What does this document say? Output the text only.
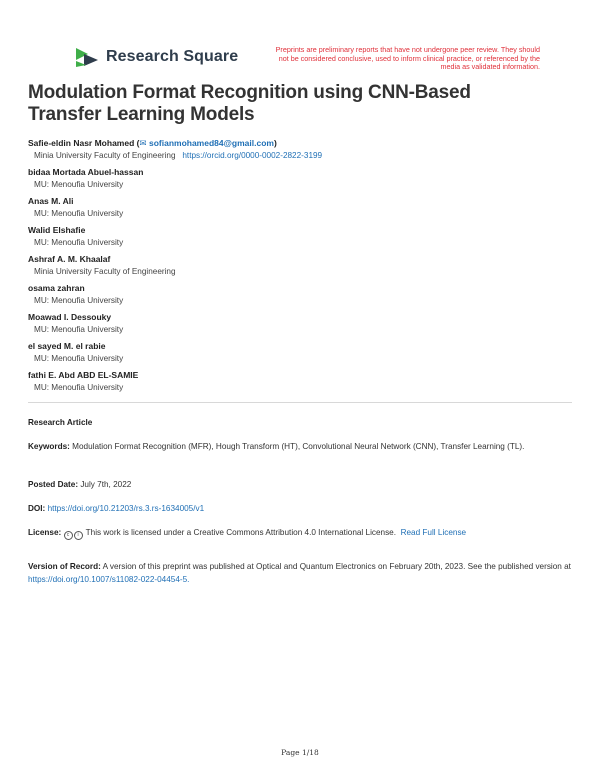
Research Square	Preprints are preliminary reports that have not undergone peer review. They should not be considered conclusive, used to inform clinical practice, or referenced by the media as validated information.
Modulation Format Recognition using CNN-Based Transfer Learning Models
Safie-eldin Nasr Mohamed (✉ sofianmohamed84@gmail.com)
Minia University Faculty of Engineering https://orcid.org/0000-0002-2822-3199
bidaa Mortada Abuel-hassan
MU: Menoufia University
Anas M. Ali
MU: Menoufia University
Walid Elshafie
MU: Menoufia University
Ashraf A. M. Khaalaf
Minia University Faculty of Engineering
osama zahran
MU: Menoufia University
Moawad I. Dessouky
MU: Menoufia University
el sayed M. el rabie
MU: Menoufia University
fathi E. Abd ABD EL-SAMIE
MU: Menoufia University
Research Article
Keywords: Modulation Format Recognition (MFR), Hough Transform (HT), Convolutional Neural Network (CNN), Transfer Learning (TL).
Posted Date: July 7th, 2022
DOI: https://doi.org/10.21203/rs.3.rs-1634005/v1
License: c i This work is licensed under a Creative Commons Attribution 4.0 International License. Read Full License
Version of Record: A version of this preprint was published at Optical and Quantum Electronics on February 20th, 2023. See the published version at https://doi.org/10.1007/s11082-022-04454-5.
Page 1/18
